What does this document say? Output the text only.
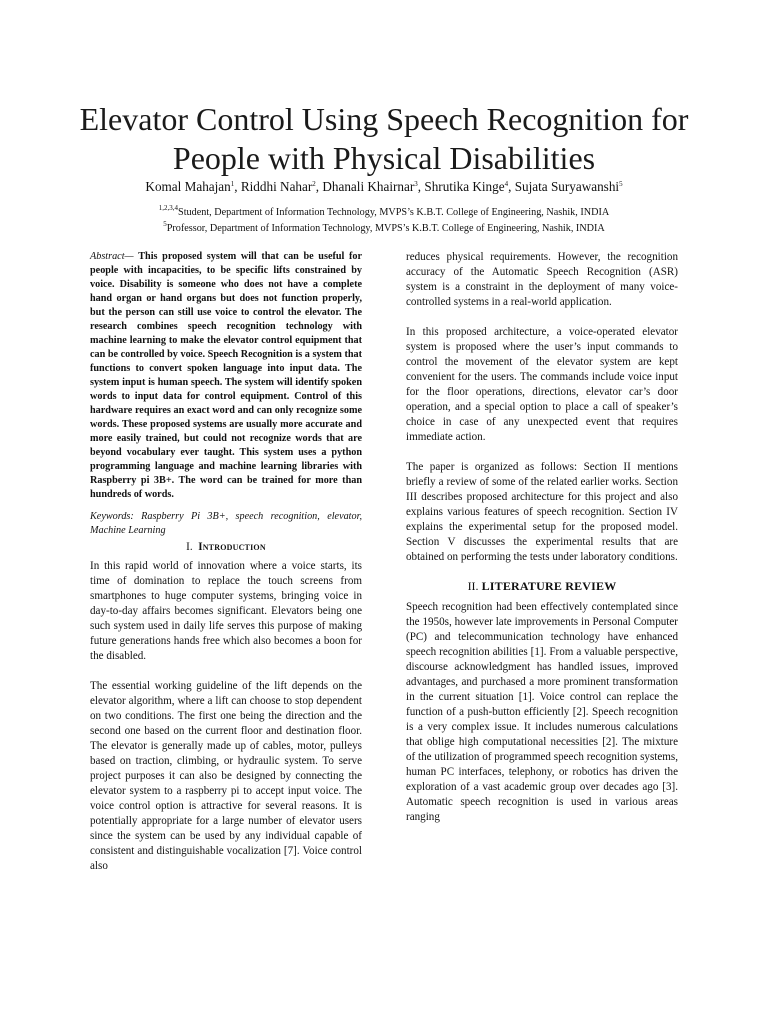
Elevator Control Using Speech Recognition for People with Physical Disabilities
Komal Mahajan$^1$, Riddhi Nahar$^2$, Dhanali Khairnar$^3$, Shrutika Kinge$^4$, Sujata Suryawanshi$^5$
$^{1,2,3,4}$Student, Department of Information Technology, MVPS’s K.B.T. College of Engineering, Nashik, INDIA
$^5$Professor, Department of Information Technology, MVPS’s K.B.T. College of Engineering, Nashik, INDIA

Abstract— This proposed system will that can be useful for people with incapacities, to be specific lifts constrained by voice. Disability is someone who does not have a complete hand organ or hand organs but does not function properly, but the person can still use voice to control the elevator. The research combines speech recognition technology with machine learning to make the elevator control equipment that can be controlled by voice. Speech Recognition is a system that functions to convert spoken language into input data. The system input is human speech. The system will identify spoken words to input data for control equipment. Control of this hardware requires an exact word and can only recognize some words. These proposed systems are usually more accurate and more easily trained, but could not recognize words that are beyond vocabulary ever taught. This system uses a python programming language and machine learning libraries with Raspberry pi 3B+. The word can be trained for more than hundreds of words.

Keywords: Raspberry Pi 3B+, speech recognition, elevator, Machine Learning

I. Introduction

In this rapid world of innovation where a voice starts, its time of domination to replace the touch screens from smartphones to huge computer systems, bringing voice in day-to-day affairs becomes significant. Elevators being one such system used in daily life serves this purpose of making future generations hands free which also becomes a boon for the disabled.

The essential working guideline of the lift depends on the elevator algorithm, where a lift can choose to stop dependent on two conditions. The first one being the direction and the second one based on the current floor and destination floor. The elevator is generally made up of cables, motor, pulleys based on traction, climbing, or hydraulic system. To serve project purposes it can also be designed by connecting the elevator system to a raspberry pi to accept input voice. The voice control option is attractive for several reasons. It is potentially appropriate for a large number of elevator users since the system can be used by any individual capable of consistent and distinguishable vocalization [7]. Voice control also

reduces physical requirements. However, the recognition accuracy of the Automatic Speech Recognition (ASR) system is a constraint in the deployment of many voice-controlled systems in a real-world application.

In this proposed architecture, a voice-operated elevator system is proposed where the user’s input commands to control the movement of the elevator system are kept convenient for the users. The commands include voice input for the floor operations, directions, elevator car’s door operation, and a special option to place a call of speaker’s choice in case of any unexpected event that requires immediate action.

The paper is organized as follows: Section II mentions briefly a review of some of the related earlier works. Section III describes proposed architecture for this project and also explains various features of speech recognition. Section IV explains the experimental setup for the proposed model. Section V discusses the experimental results that are obtained on performing the tests under laboratory conditions.

II. LITERATURE REVIEW

Speech recognition had been effectively contemplated since the 1950s, however late improvements in Personal Computer (PC) and telecommunication technology have enhanced speech recognition abilities [1]. From a valuable perspective, discourse acknowledgment has handled issues, improved advantages, and purchased a more prominent transformation in the current situation [1]. Voice control can replace the function of a push-button efficiently [2]. Speech recognition is a very complex issue. It includes numerous calculations that oblige high computational necessities [2]. The mixture of the utilization of programmed speech recognition systems, human PC interfaces, telephony, or robotics has driven the exploration of a vast academic group over decades ago [3]. Automatic speech recognition is used in various areas ranging
